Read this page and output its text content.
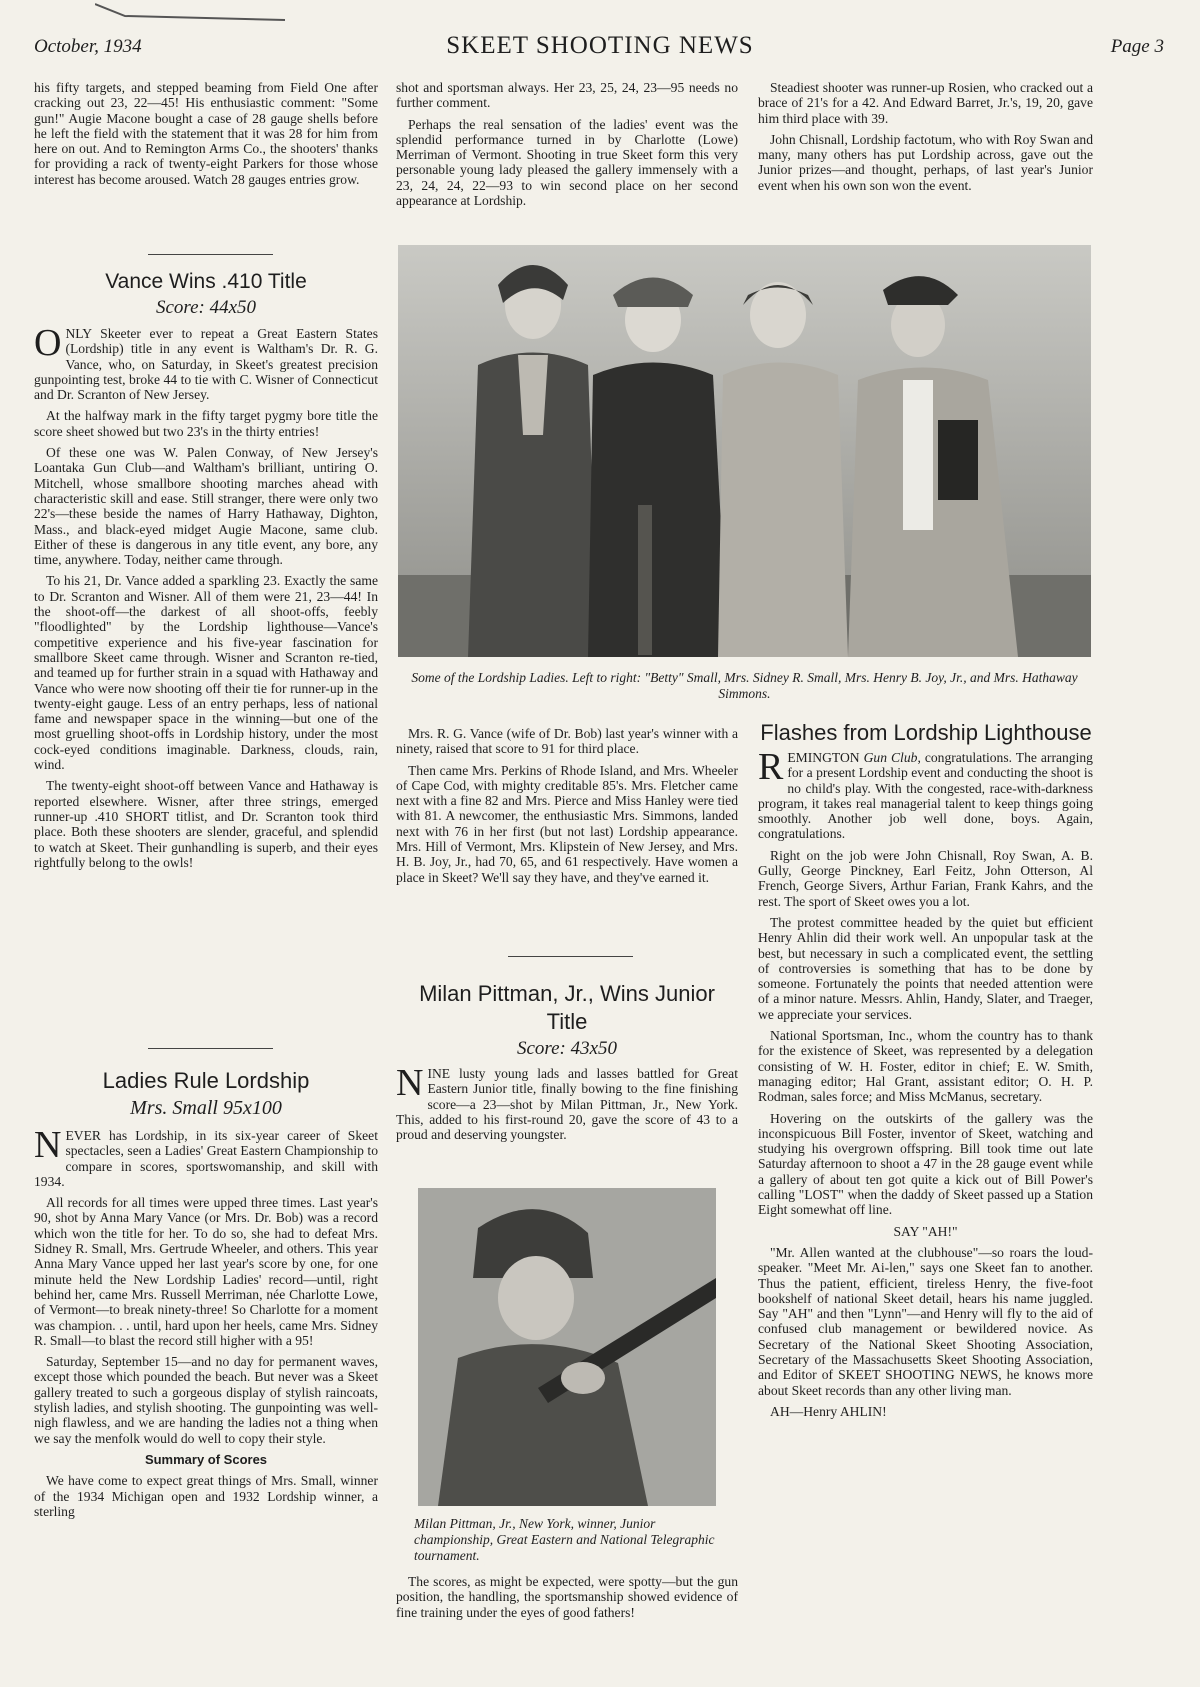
October, 1934	SKEET SHOOTING NEWS	Page 3

his fifty targets, and stepped beaming from Field One after cracking out 23, 22—45! His enthusiastic comment: "Some gun!" Augie Macone bought a case of 28 gauge shells before he left the field with the statement that it was 28 for him from here on out. And to Remington Arms Co., the shooters' thanks for providing a rack of twenty-eight Parkers for those whose interest has become aroused. Watch 28 gauges entries grow.

Vance Wins .410 Title
Score: 44x50

ONLY Skeeter ever to repeat a Great Eastern States (Lordship) title in any event is Waltham's Dr. R. G. Vance, who, on Saturday, in Skeet's greatest precision gunpointing test, broke 44 to tie with C. Wisner of Connecticut and Dr. Scranton of New Jersey.

At the halfway mark in the fifty target pygmy bore title the score sheet showed but two 23's in the thirty entries!

Of these one was W. Palen Conway, of New Jersey's Loantaka Gun Club—and Waltham's brilliant, untiring O. Mitchell, whose smallbore shooting marches ahead with characteristic skill and ease. Still stranger, there were only two 22's—these beside the names of Harry Hathaway, Dighton, Mass., and black-eyed midget Augie Macone, same club. Either of these is dangerous in any title event, any bore, any time, anywhere. Today, neither came through.

To his 21, Dr. Vance added a sparkling 23. Exactly the same to Dr. Scranton and Wisner. All of them were 21, 23—44! In the shoot-off—the darkest of all shoot-offs, feebly "floodlighted" by the Lordship lighthouse—Vance's competitive experience and his five-year fascination for smallbore Skeet came through. Wisner and Scranton re-tied, and teamed up for further strain in a squad with Hathaway and Vance who were now shooting off their tie for runner-up in the twenty-eight gauge. Less of an entry perhaps, less of national fame and newspaper space in the winning—but one of the most gruelling shoot-offs in Lordship history, under the most cock-eyed conditions imaginable. Darkness, clouds, rain, wind.

The twenty-eight shoot-off between Vance and Hathaway is reported elsewhere. Wisner, after three strings, emerged runner-up .410 SHORT titlist, and Dr. Scranton took third place. Both these shooters are slender, graceful, and splendid to watch at Skeet. Their gunhandling is superb, and their eyes rightfully belong to the owls!

Ladies Rule Lordship
Mrs. Small 95x100

NEVER has Lordship, in its six-year career of Skeet spectacles, seen a Ladies' Great Eastern Championship to compare in scores, sportswomanship, and skill with 1934.

All records for all times were upped three times. Last year's 90, shot by Anna Mary Vance (or Mrs. Dr. Bob) was a record which won the title for her. To do so, she had to defeat Mrs. Sidney R. Small, Mrs. Gertrude Wheeler, and others. This year Anna Mary Vance upped her last year's score by one, for one minute held the New Lordship Ladies' record—until, right behind her, came Mrs. Russell Merriman, née Charlotte Lowe, of Vermont—to break ninety-three! So Charlotte for a moment was champion. . . until, hard upon her heels, came Mrs. Sidney R. Small—to blast the record still higher with a 95!

Saturday, September 15—and no day for permanent waves, except those which pounded the beach. But never was a Skeet gallery treated to such a gorgeous display of stylish raincoats, stylish ladies, and stylish shooting. The gunpointing was well-nigh flawless, and we are handing the ladies not a thing when we say the menfolk would do well to copy their style.

Summary of Scores

We have come to expect great things of Mrs. Small, winner of the 1934 Michigan open and 1932 Lordship winner, a sterling

shot and sportsman always. Her 23, 25, 24, 23—95 needs no further comment.

Perhaps the real sensation of the ladies' event was the splendid performance turned in by Charlotte (Lowe) Merriman of Vermont. Shooting in true Skeet form this very personable young lady pleased the gallery immensely with a 23, 24, 24, 22—93 to win second place on her second appearance at Lordship.

Steadiest shooter was runner-up Rosien, who cracked out a brace of 21's for a 42. And Edward Barret, Jr.'s, 19, 20, gave him third place with 39.

John Chisnall, Lordship factotum, who with Roy Swan and many, many others has put Lordship across, gave out the Junior prizes—and thought, perhaps, of last year's Junior event when his own son won the event.

Some of the Lordship Ladies. Left to right: "Betty" Small, Mrs. Sidney R. Small, Mrs. Henry B. Joy, Jr., and Mrs. Hathaway Simmons.

Mrs. R. G. Vance (wife of Dr. Bob) last year's winner with a ninety, raised that score to 91 for third place.

Then came Mrs. Perkins of Rhode Island, and Mrs. Wheeler of Cape Cod, with mighty creditable 85's. Mrs. Fletcher came next with a fine 82 and Mrs. Pierce and Miss Hanley were tied with 81. A newcomer, the enthusiastic Mrs. Simmons, landed next with 76 in her first (but not last) Lordship appearance. Mrs. Hill of Vermont, Mrs. Klipstein of New Jersey, and Mrs. H. B. Joy, Jr., had 70, 65, and 61 respectively. Have women a place in Skeet? We'll say they have, and they've earned it.

Milan Pittman, Jr., Wins Junior Title
Score: 43x50

NINE lusty young lads and lasses battled for Great Eastern Junior title, finally bowing to the fine finishing score—a 23—shot by Milan Pittman, Jr., New York. This, added to his first-round 20, gave the score of 43 to a proud and deserving youngster.

Milan Pittman, Jr., New York, winner, Junior championship, Great Eastern and National Telegraphic tournament.

The scores, as might be expected, were spotty—but the gun position, the handling, the sportsmanship showed evidence of fine training under the eyes of good fathers!

Flashes from Lordship Lighthouse

REMINGTON Gun Club, congratulations. The arranging for a present Lordship event and conducting the shoot is no child's play. With the congested, race-with-darkness program, it takes real managerial talent to keep things going smoothly. Another job well done, boys. Again, congratulations.

Right on the job were John Chisnall, Roy Swan, A. B. Gully, George Pinckney, Earl Feitz, John Otterson, Al French, George Sivers, Arthur Farian, Frank Kahrs, and the rest. The sport of Skeet owes you a lot.

The protest committee headed by the quiet but efficient Henry Ahlin did their work well. An unpopular task at the best, but necessary in such a complicated event, the settling of controversies is something that has to be done by someone. Fortunately the points that needed attention were of a minor nature. Messrs. Ahlin, Handy, Slater, and Traeger, we appreciate your services.

National Sportsman, Inc., whom the country has to thank for the existence of Skeet, was represented by a delegation consisting of W. H. Foster, editor in chief; E. W. Smith, managing editor; Hal Grant, assistant editor; O. H. P. Rodman, sales force; and Miss McManus, secretary.

Hovering on the outskirts of the gallery was the inconspicuous Bill Foster, inventor of Skeet, watching and studying his overgrown offspring. Bill took time out late Saturday afternoon to shoot a 47 in the 28 gauge event while a gallery of about ten got quite a kick out of Bill Power's calling "LOST" when the daddy of Skeet passed up a Station Eight somewhat off line.

SAY "AH!"

"Mr. Allen wanted at the clubhouse"—so roars the loud-speaker. "Meet Mr. Ai-len," says one Skeet fan to another. Thus the patient, efficient, tireless Henry, the five-foot bookshelf of national Skeet detail, hears his name juggled. Say "AH" and then "Lynn"—and Henry will fly to the aid of confused club management or bewildered novice. As Secretary of the National Skeet Shooting Association, Secretary of the Massachusetts Skeet Shooting Association, and Editor of SKEET SHOOTING NEWS, he knows more about Skeet records than any other living man.

AH—Henry AHLIN!
